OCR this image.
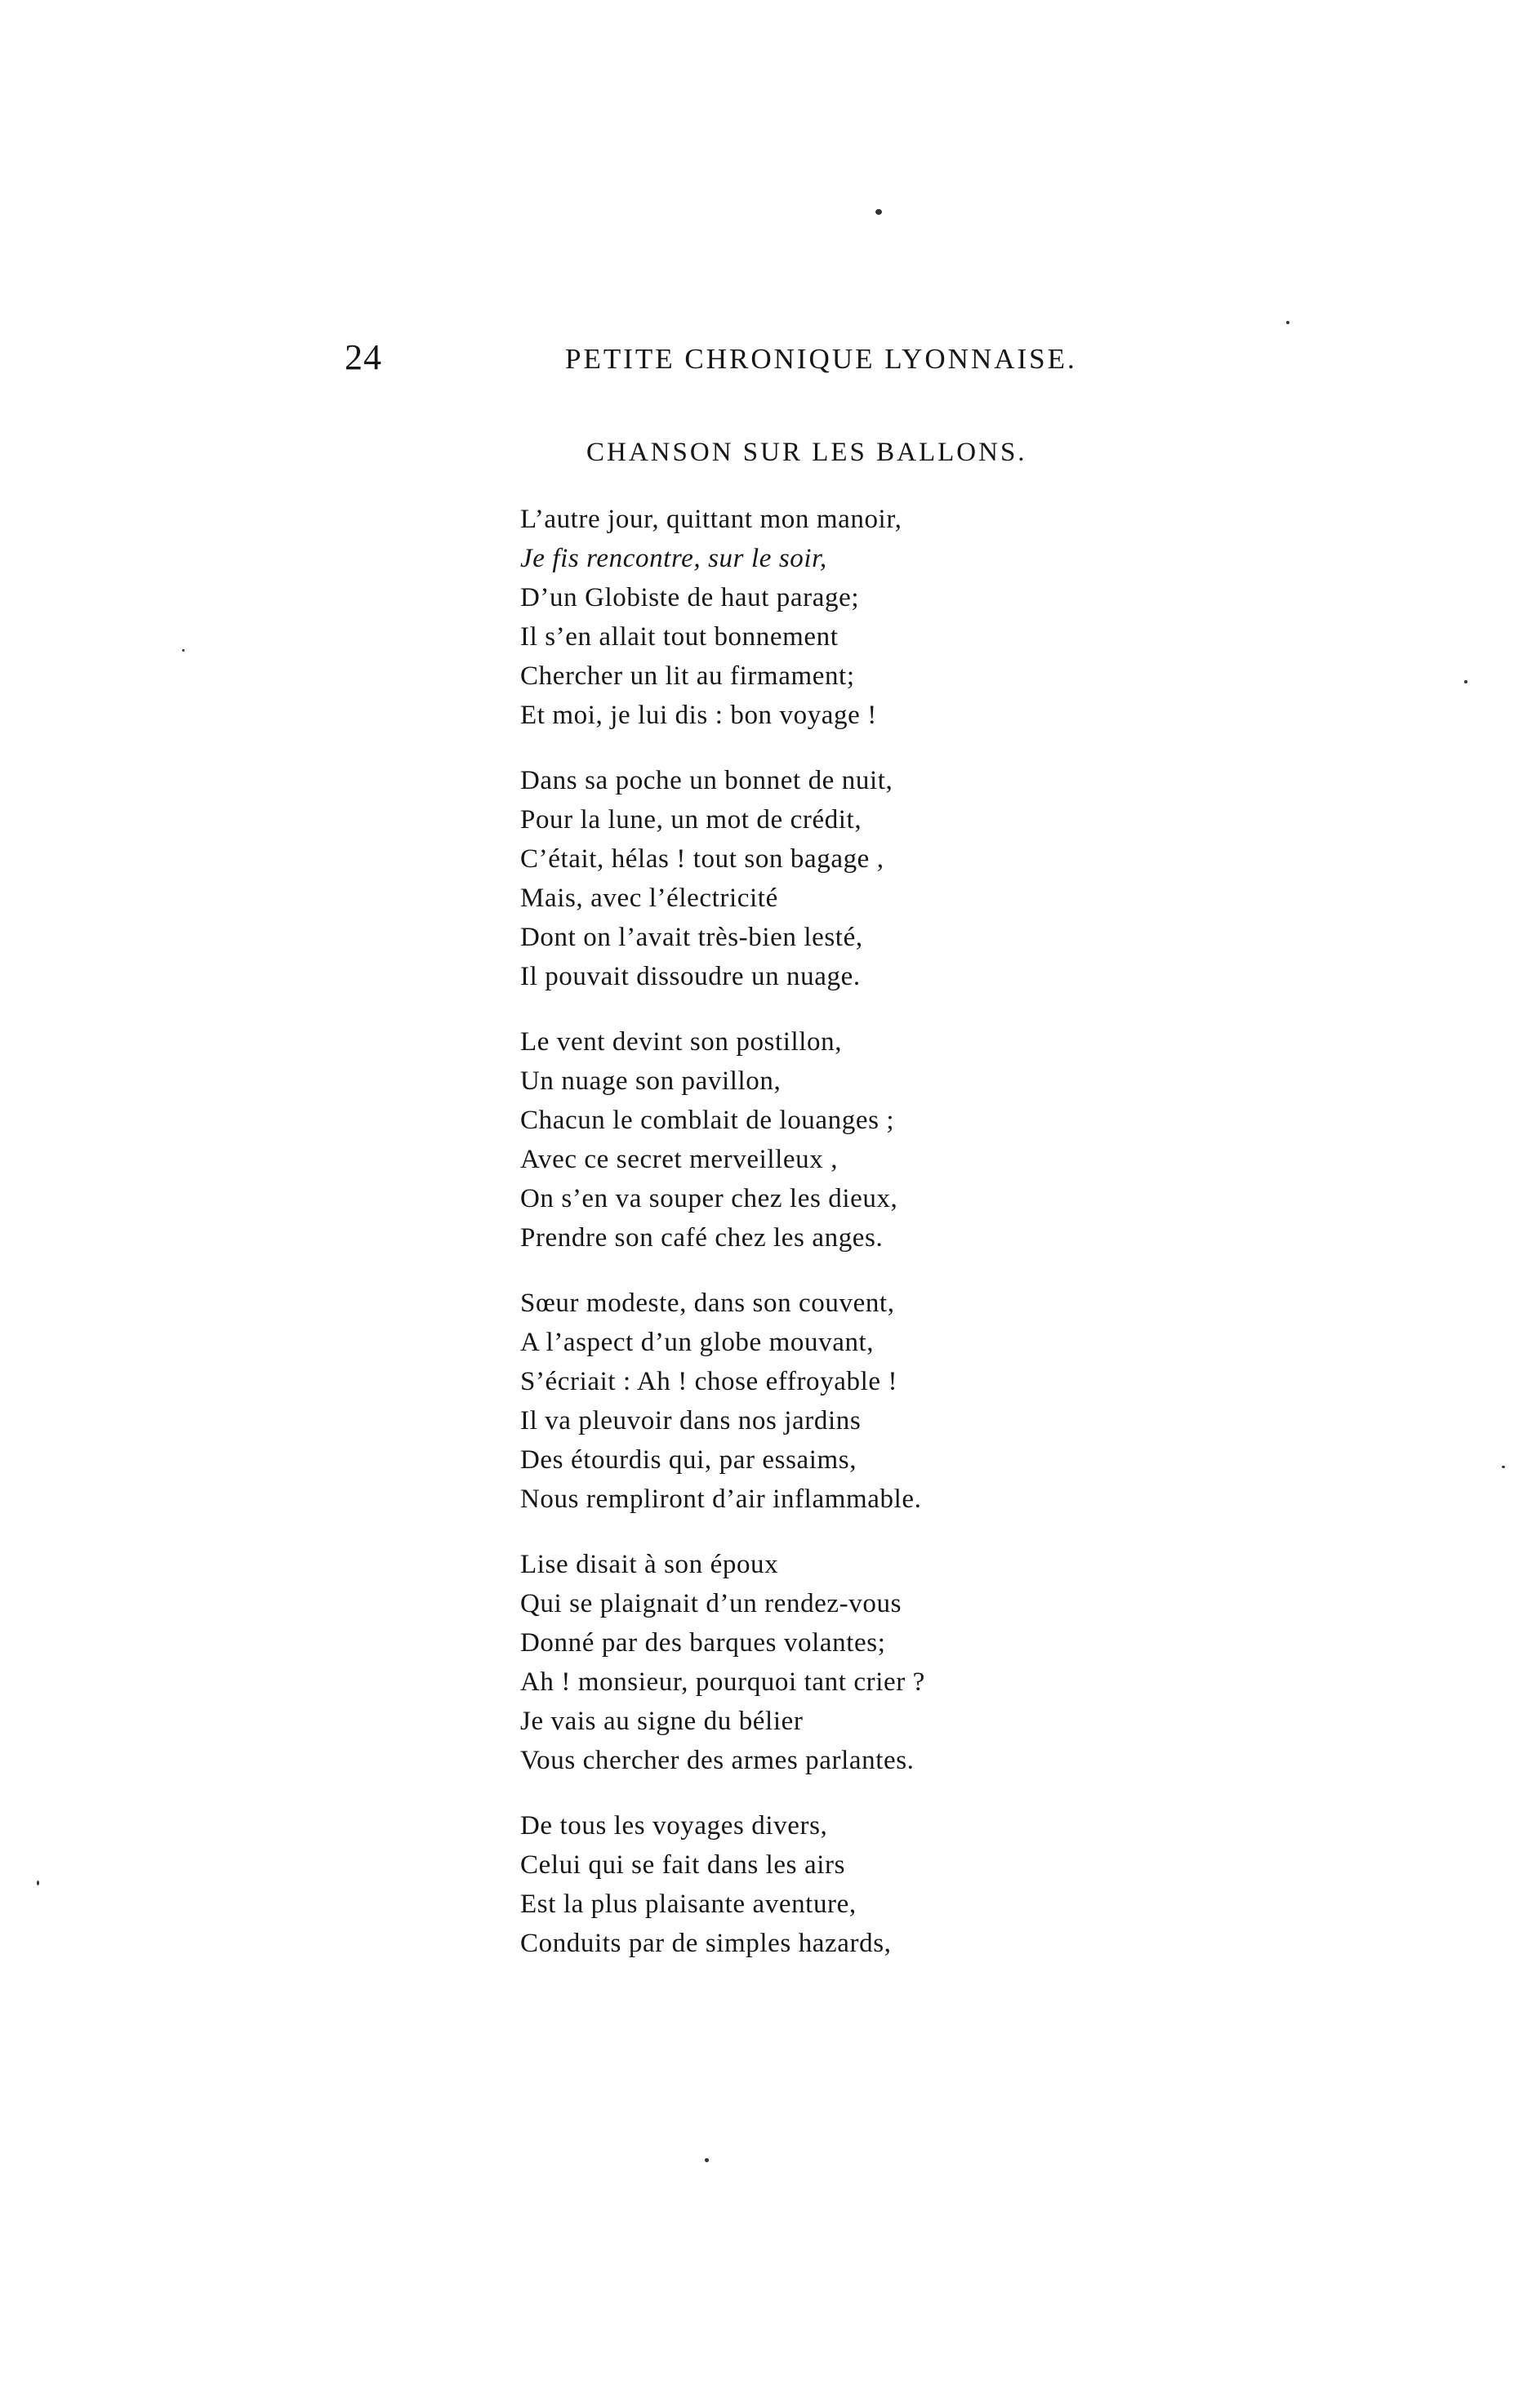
24	PETITE CHRONIQUE LYONNAISE.
CHANSON SUR LES BALLONS.
L’autre jour, quittant mon manoir,
Je fis rencontre, sur le soir,
D’un Globiste de haut parage;
Il s’en allait tout bonnement
Chercher un lit au firmament;
Et moi, je lui dis : bon voyage !
Dans sa poche un bonnet de nuit,
Pour la lune, un mot de crédit,
C’était, hélas ! tout son bagage ,
Mais, avec l’électricité
Dont on l’avait très-bien lesté,
Il pouvait dissoudre un nuage.
Le vent devint son postillon,
Un nuage son pavillon,
Chacun le comblait de louanges ;
Avec ce secret merveilleux ,
On s’en va souper chez les dieux,
Prendre son café chez les anges.
Sœur modeste, dans son couvent,
A l’aspect d’un globe mouvant,
S’écriait : Ah ! chose effroyable !
Il va pleuvoir dans nos jardins
Des étourdis qui, par essaims,
Nous rempliront d’air inflammable.
Lise disait à son époux
Qui se plaignait d’un rendez-vous
Donné par des barques volantes;
Ah ! monsieur, pourquoi tant crier ?
Je vais au signe du bélier
Vous chercher des armes parlantes.
De tous les voyages divers,
Celui qui se fait dans les airs
Est la plus plaisante aventure,
Conduits par de simples hazards,
